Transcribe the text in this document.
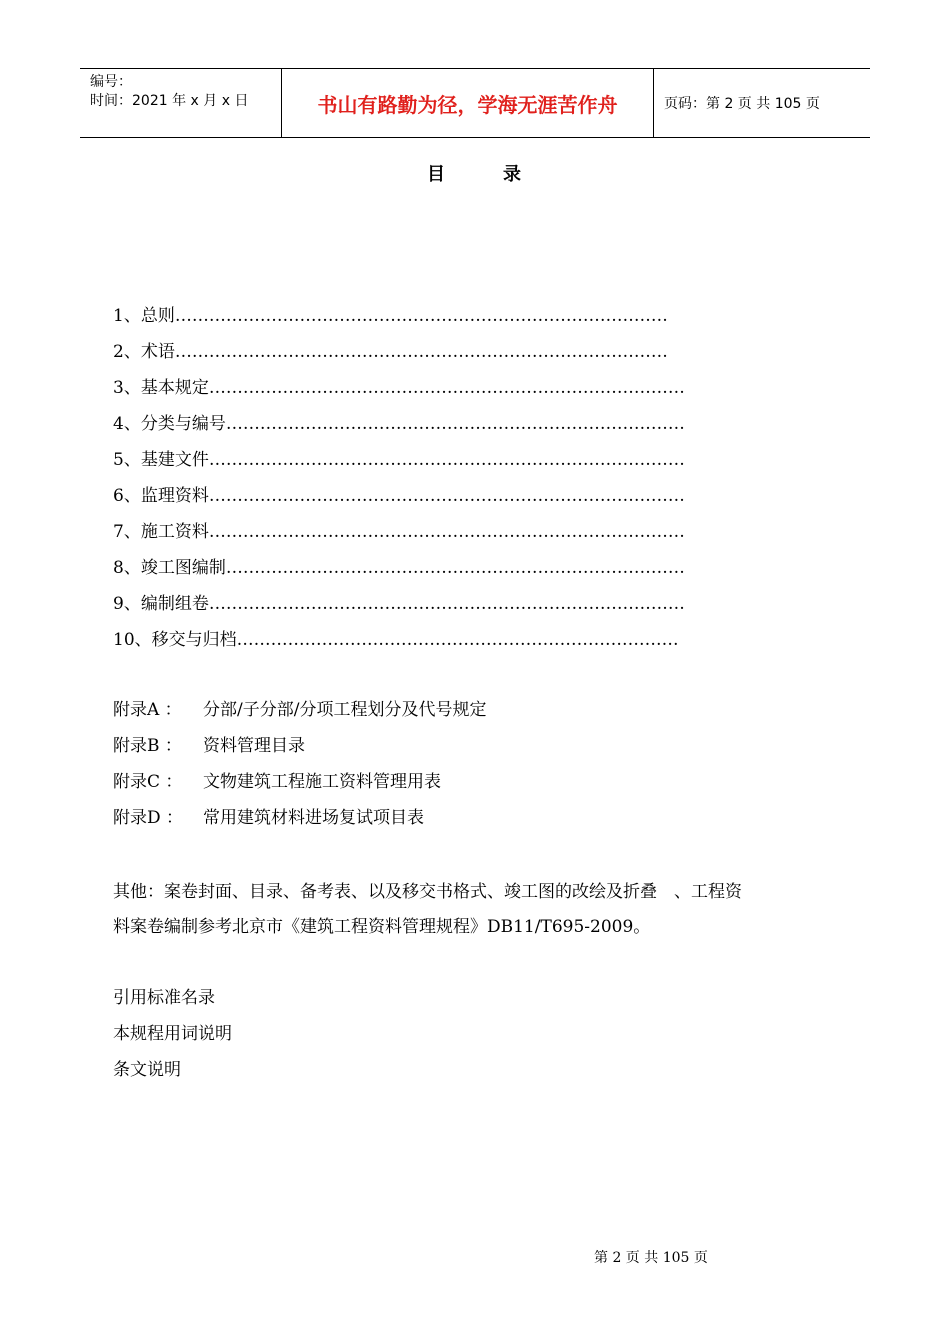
编号：
时间：2021 年 x 月 x 日	书山有路勤为径，学海无涯苦作舟	页码：第 2 页 共 105 页
目	录
1、总则……………………………………………………………………………
2、术语……………………………………………………………………………
3、基本规定…………………………………………………………………………
4、分类与编号………………………………………………………………………
5、基建文件…………………………………………………………………………
6、监理资料…………………………………………………………………………
7、施工资料…………………………………………………………………………
8、竣工图编制………………………………………………………………………
9、编制组卷…………………………………………………………………………
10、移交与归档……………………………………………………………………
附录A ： 分部/子分部/分项工程划分及代号规定
附录B ： 资料管理目录
附录C ： 文物建筑工程施工资料管理用表
附录D ： 常用建筑材料进场复试项目表
其他：案卷封面、目录、备考表、以及移交书格式、竣工图的改绘及折叠　、工程资
料案卷编制参考北京市《建筑工程资料管理规程》DB11/T695-2009。
引用标准名录
本规程用词说明
条文说明
第 2 页 共 105 页
